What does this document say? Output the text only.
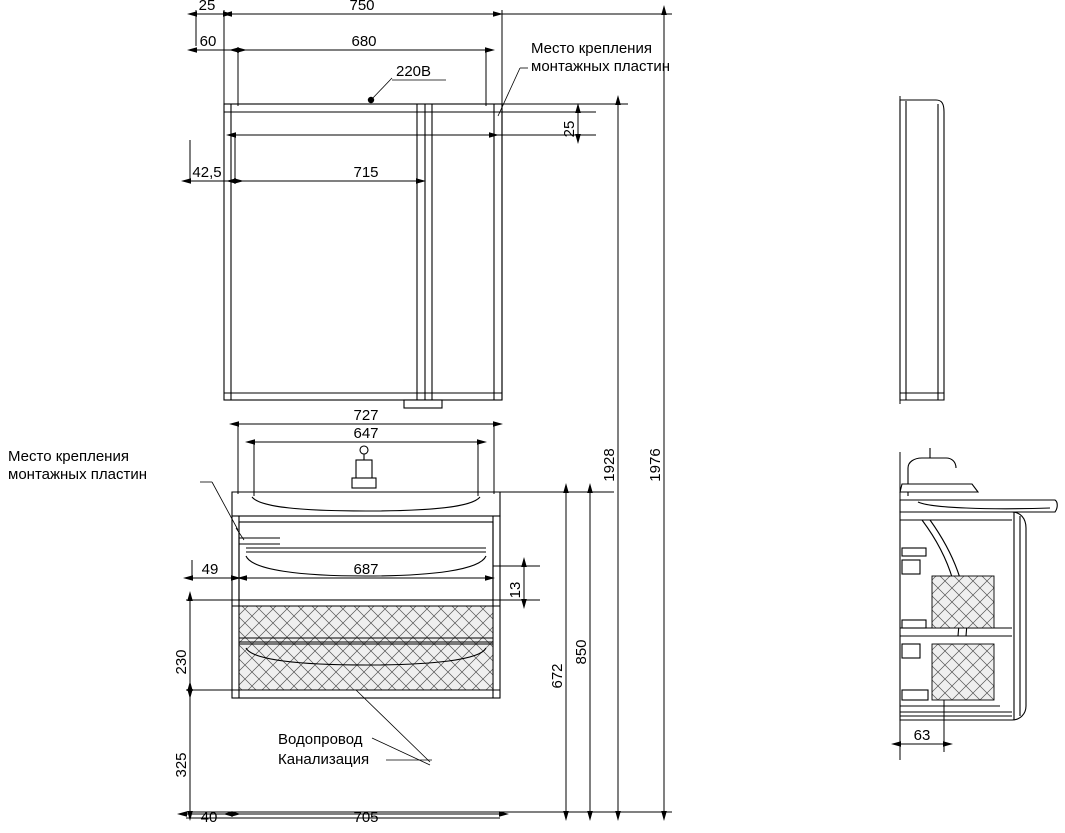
750
25
680
60
220В
Место крепления
монтажных пластин
25
715
42,5
Место крепления
монтажных пластин
Водопровод
Канализация
727
647
687
49
13
230
325
672
850
1928 1976
40	705
63
